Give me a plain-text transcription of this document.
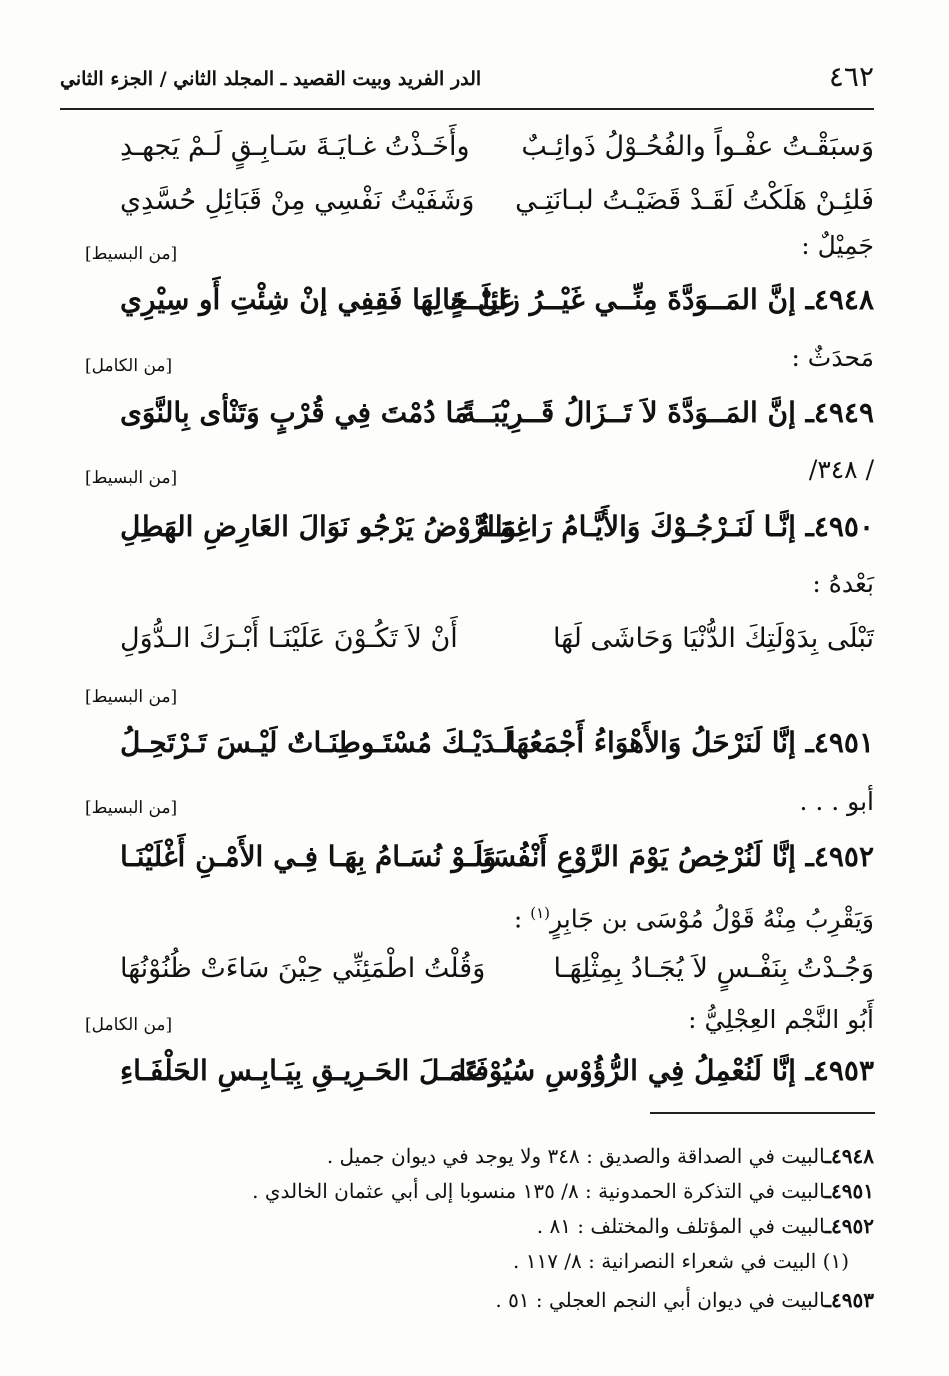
٤٦٢
الدر الفريد وبيت القصيد ـ المجلد الثاني / الجزء الثاني
وَسبَقْـتُ عفْـواً والفُحُـوْلُ ذَوائِـبٌ
وأَخَـذْتُ غـايَـةَ سَـابِـقٍ لَـمْ يَجهـدِ
فَلئِـنْ هَلَكْتُ لَقَـدْ قَضَيْـتُ لبـانَتِـي
وَشَفَيْتُ نَفْسِي مِنْ قَبَائِلِ حُسَّدِي
جَمِيْلٌ :
[من البسيط]
٤٩٤٨ـ إنَّ المَــوَدَّةَ مِنِّــي غَيْــرُ زائِلَــةٍ
عَنْ حَالِهَا فَقِفِي إنْ شِئْتِ أَو سِيْرِي
مَحدَثٌ :
[من الكامل]
٤٩٤٩ـ إنَّ المَــوَدَّةَ لاَ تَــزَالُ قَــرِيْبَــةً
مَا دُمْتَ فِي قُرْبٍ وَتَنْأى بِالنَّوَى
/ ٣٤٨/
[من البسيط]
٤٩٥٠ـ إنَّـا لَنَـرْجُـوْكَ وَالأَيَّـامُ رَاغِمَـةٌ
وَالرَّوْضُ يَرْجُو نَوَالَ العَارِضِ الهَطِلِ
بَعْدهُ :
تَبْلَى بِدَوْلَتِكَ الدُّنْيَا وَحَاشَى لَهَا
أَنْ لاَ تَكُـوْنَ عَلَيْنَـا أَبْـرَكَ الـدُّوَلِ
[من البسيط]
٤٩٥١ـ إنَّا لَنَرْحَلُ وَالأَهْوَاءُ أَجْمَعُهَا
لَـدَيْـكَ مُسْتَـوطِنَـاتٌ لَيْـسَ تَـرْتَحِـلُ
أبو . . .
[من البسيط]
٤٩٥٢ـ إنَّا لَنُرْخِصُ يَوْمَ الرَّوْعِ أَنْفُسَنَا
وَلَـوْ نُسَـامُ بِهَـا فِـي الأَمْـنِ أَغْلَيْنَـا
وَيَقْرِبُ مِنْهُ قَوْلُ مُوْسَى بن جَابِرٍ$^{(١)}$ :
وَجُـدْتُ بِنَفْـسٍ لاَ يُجَـادُ بِمِثْلِهَـا
وَقُلْتُ اطْمَئِنِّي حِيْنَ سَاءَتْ ظُنُوْنُهَا
أَبُو النَّجْم العِجْلِيُّ :
[من الكامل]
٤٩٥٣ـ إنَّا لَنُعْمِلُ فِي الرُّؤُوْسِ سُيُوْفَنَا
عَمَـلَ الحَـرِيـقِ بِيَـابِـسِ الحَلْفَـاءِ
٤٩٤٨ـالبيت في الصداقة والصديق : ٣٤٨ ولا يوجد في ديوان جميل .
٤٩٥١ـالبيت في التذكرة الحمدونية : ٨/ ١٣٥ منسوبا إلى أبي عثمان الخالدي .
٤٩٥٢ـالبيت في المؤتلف والمختلف : ٨١ .
(١) البيت في شعراء النصرانية : ٨/ ١١٧ .
٤٩٥٣ـالبيت في ديوان أبي النجم العجلي : ٥١ .
